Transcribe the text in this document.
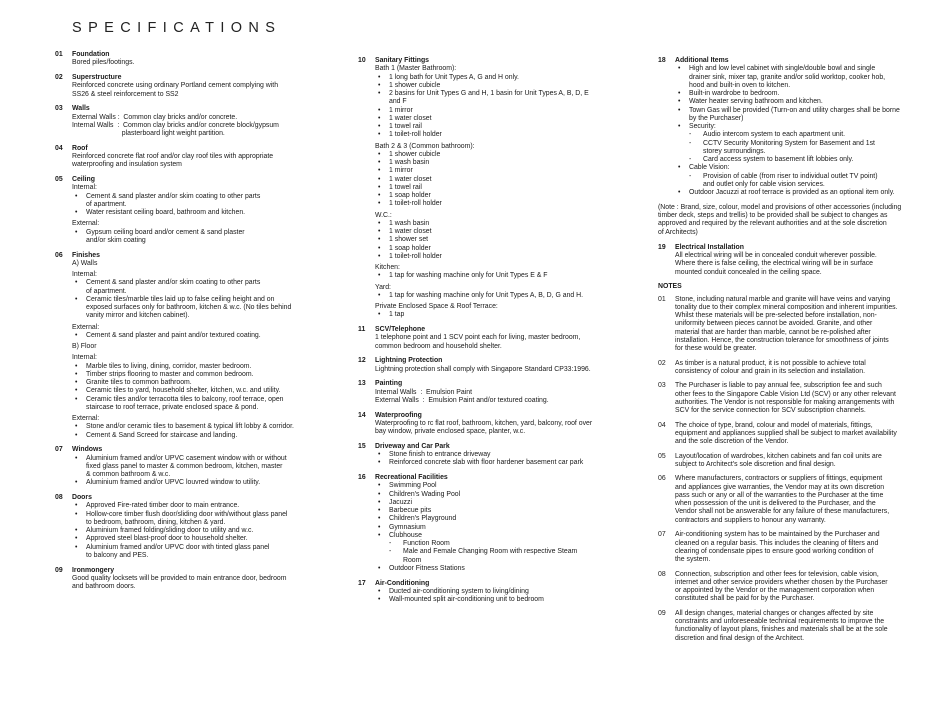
SPECIFICATIONS
01	Foundation
Bored piles/footings.
02	Superstructure
Reinforced concrete using ordinary Portland cement complying with
SS26 & steel reinforcement to SS2
03	Walls
External Walls :  Common clay bricks and/or concrete.
Internal Walls  :  Common clay bricks and/or concrete block/gypsum
plasterboard light weight partition.
04	Roof
Reinforced concrete flat roof and/or clay roof tiles with appropriate
waterproofing and insulation system
05	Ceiling
Internal:
•	Cement & sand plaster and/or skim coating to other parts
of apartment.
•	Water resistant ceiling board, bathroom and kitchen.
External:
•	Gypsum ceiling board and/or cement & sand plaster
and/or skim coating
06	Finishes
A) Walls
Internal:
•	Cement & sand plaster and/or skim coating to other parts
of apartment.
•	Ceramic tiles/marble tiles laid up to false ceiling height and on
exposed surfaces only for bathroom, kitchen & w.c. (No tiles behind
vanity mirror and kitchen cabinet).
External:
•	Cement & sand plaster and paint and/or textured coating.
B) Floor
Internal:
•	Marble tiles to living, dining, corridor, master bedroom.
•	Timber strips flooring to master and common bedroom.
•	Granite tiles to common bathroom.
•	Ceramic tiles to yard, household shelter, kitchen, w.c. and utility.
•	Ceramic tiles and/or terracotta tiles to balcony, roof terrace, open
staircase to roof terrace, private enclosed space & pond.
External:
•	Stone and/or ceramic tiles to basement & typical lift lobby & corridor.
•	Cement & Sand Screed for staircase and landing.
07	Windows
•	Aluminium framed and/or UPVC casement window with or without
fixed glass panel to master & common bedroom, kitchen, master
& common bathroom & w.c.
•	Aluminium framed and/or UPVC louvred window to utility.
08	Doors
•	Approved Fire-rated timber door to main entrance.
•	Hollow-core timber flush door/sliding door with/without glass panel
to bedroom, bathroom, dining, kitchen & yard.
•	Aluminium framed folding/sliding door to utility and w.c.
•	Approved steel blast-proof door to household shelter.
•	Aluminium framed and/or UPVC door with tinted glass panel
to balcony and PES.
09	Ironmongery
Good quality locksets will be provided to main entrance door, bedroom
and bathroom doors.
10	Sanitary Fittings
Bath 1 (Master Bathroom):
•	1 long bath for Unit Types A, G and H only.
•	1 shower cubicle
•	2 basins for Unit Types G and H, 1 basin for Unit Types A, B, D, E
and F
•	1 mirror
•	1 water closet
•	1 towel rail
•	1 toilet-roll holder
Bath 2 & 3 (Common bathroom):
•	1 shower cubicle
•	1 wash basin
•	1 mirror
•	1 water closet
•	1 towel rail
•	1 soap holder
•	1 toilet-roll holder
W.C.:
•	1 wash basin
•	1 water closet
•	1 shower set
•	1 soap holder
•	1 toilet-roll holder
Kitchen:
•	1 tap for washing machine only for Unit Types E & F
Yard:
•	1 tap for washing machine only for Unit Types A, B, D, G and H.
Private Enclosed Space & Roof Terrace:
•	1 tap
11	SCV/Telephone
1 telephone point and 1 SCV point each for living, master bedroom,
common bedroom and household shelter.
12	Lightning Protection
Lightning protection shall comply with Singapore Standard CP33:1996.
13	Painting
Internal Walls  :  Emulsion Paint
External Walls  :  Emulsion Paint and/or textured coating.
14	Waterproofing
Waterproofing to rc flat roof, bathroom, kitchen, yard, balcony, roof over
bay window, private enclosed space, planter, w.c.
15	Driveway and Car Park
•	Stone finish to entrance driveway
•	Reinforced concrete slab with floor hardener basement car park
16	Recreational Facilities
•	Swimming Pool
•	Children's Wading Pool
•	Jacuzzi
•	Barbecue pits
•	Children's Playground
•	Gymnasium
•	Clubhouse
-	Function Room
-	Male and Female Changing Room with respective Steam
Room
•	Outdoor Fitness Stations
17	Air-Conditioning
•	Ducted air-conditioning system to living/dining
•	Wall-mounted split air-conditioning unit to bedroom
18	Additional Items
•	High and low level cabinet with single/double bowl and single
drainer sink, mixer tap, granite and/or solid worktop, cooker hob,
hood and built-in oven to kitchen.
•	Built-in wardrobe to bedroom.
•	Water heater serving bathroom and kitchen.
•	Town Gas will be provided (Turn-on and utility charges shall be borne
by the Purchaser)
•	Security:
-	Audio intercom system to each apartment unit.
-	CCTV Security Monitoring System for Basement and 1st
storey surroundings.
-	Card access system to basement lift lobbies only.
•	Cable Vision:
-	Provision of cable (from riser to individual outlet TV point)
and outlet only for cable vision services.
•	Outdoor Jacuzzi at roof terrace is provided as an optional item only.
(Note : Brand, size, colour, model and provisions of other accessories (including
timber deck, steps and trellis) to be provided shall be subject to changes as
approved and required by the relevant authorities and at the sole discretion
of Architects)
19	Electrical Installation
All electrical wiring will be in concealed conduit wherever possible.
Where there is false ceiling, the electrical wiring will be in surface
mounted conduit concealed in the ceiling space.
NOTES
01	Stone, including natural marble and granite will have veins and varying
tonality due to their complex mineral composition and inherent impurities.
Whilst these materials will be pre-selected before installation, non-
uniformity between pieces cannot be avoided. Granite, and other
material that are harder than marble, cannot be re-polished after
installation. Hence, the construction tolerance for smoothness of joints
for these would be greater.
02	As timber is a natural product, it is not possible to achieve total
consistency of colour and grain in its selection and installation.
03	The Purchaser is liable to pay annual fee, subscription fee and such
other fees to the Singapore Cable Vision Ltd (SCV) or any other relevant
authorities. The Vendor is not responsible for making arrangements with
SCV for the service connection for SCV subscription channels.
04	The choice of type, brand, colour and model of materials, fittings,
equipment and appliances supplied shall be subject to market availability
and the sole discretion of the Vendor.
05	Layout/location of wardrobes, kitchen cabinets and fan coil units are
subject to Architect's sole discretion and final design.
06	Where manufacturers, contractors or suppliers of fittings, equipment
and appliances give warranties, the Vendor may at its own discretion
pass such or any or all of the warranties to the Purchaser at the time
when possession of the unit is delivered to the Purchaser, and the
Vendor shall not be answerable for any failure of these manufacturers,
contractors and suppliers to honour any warranty.
07	Air-conditioning system has to be maintained by the Purchaser and
cleaned on a regular basis. This includes the cleaning of filters and
clearing of condensate pipes to ensure good working condition of
the system.
08	Connection, subscription and other fees for television, cable vision,
internet and other service providers whether chosen by the Purchaser
or appointed by the Vendor or the management corporation when
constituted shall be paid for by the Purchaser.
09	All design changes, material changes or changes affected by site
constraints and unforeseeable technical requirements to improve the
functionality of layout plans, finishes and materials shall be at the sole
discretion and final design of the Architect.
